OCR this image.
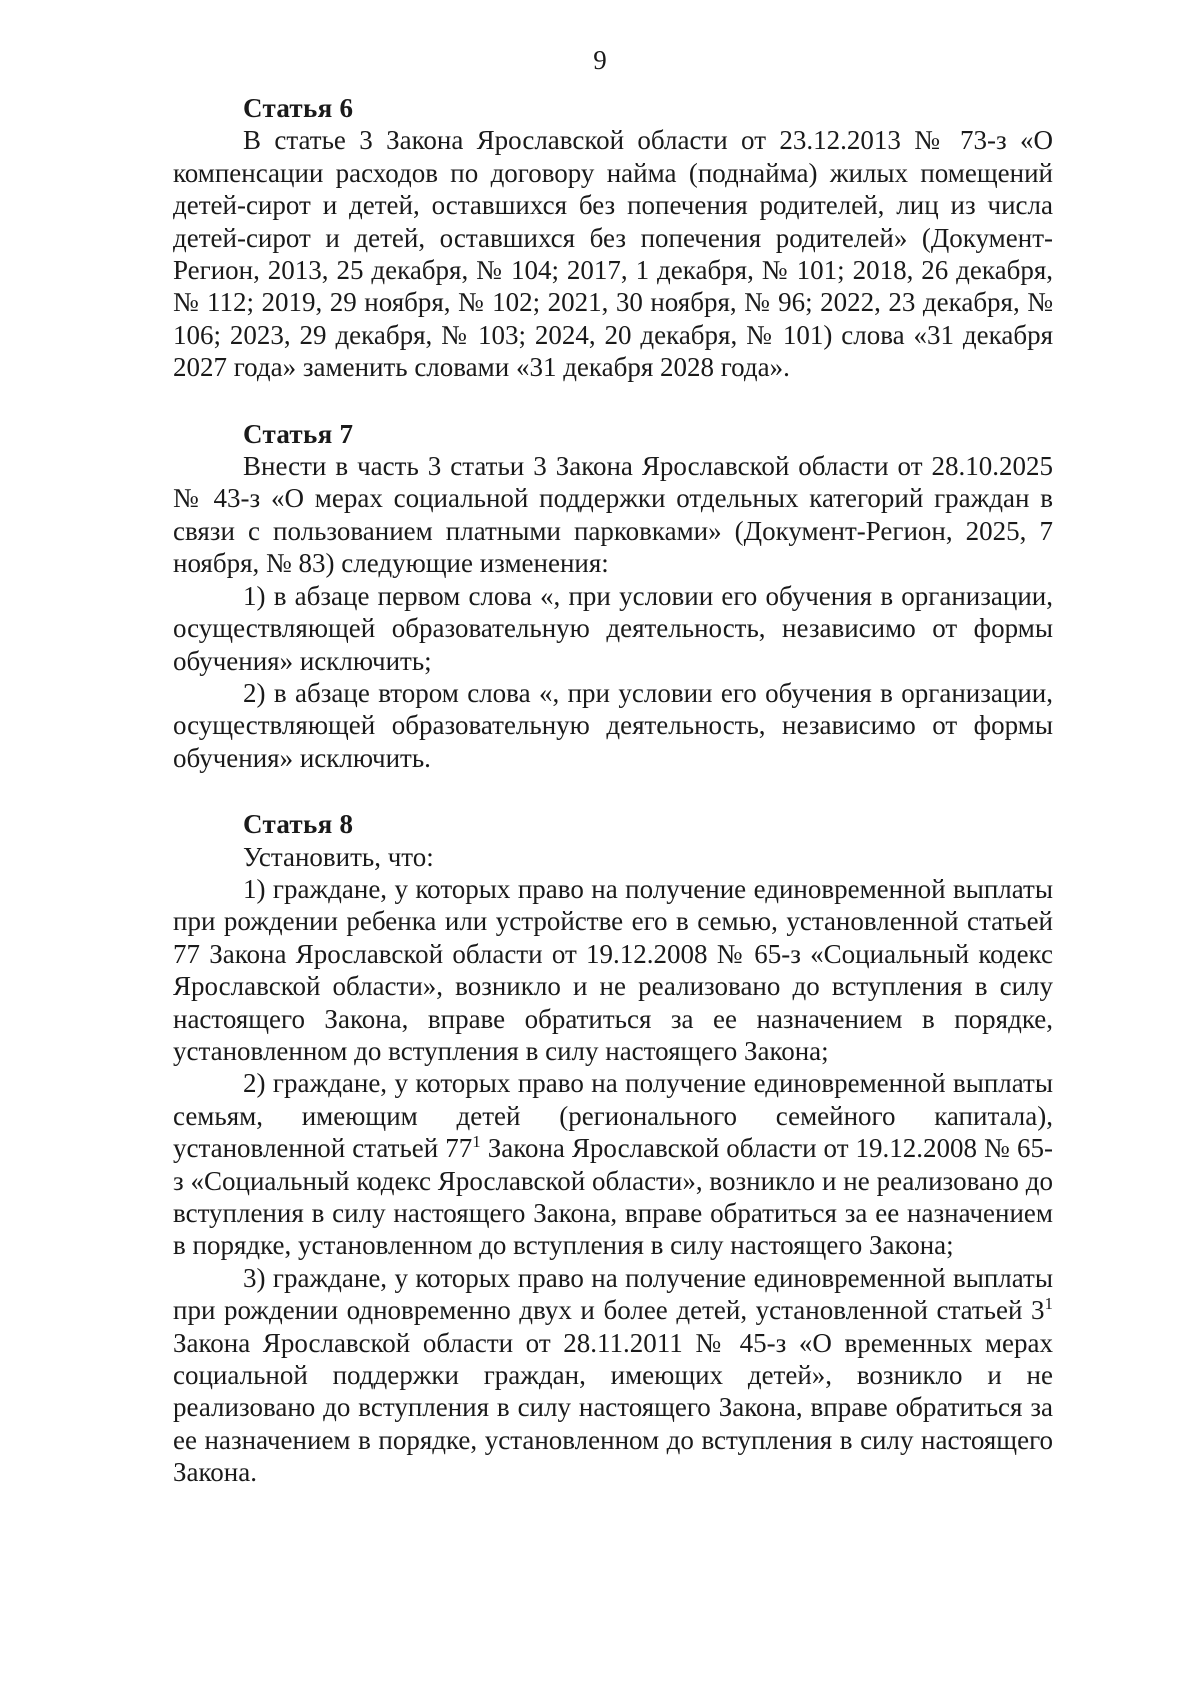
9

Статья 6

В статье 3 Закона Ярославской области от 23.12.2013 № 73-з «О компенсации расходов по договору найма (поднайма) жилых помещений детей-сирот и детей, оставшихся без попечения родителей, лиц из числа детей-сирот и детей, оставшихся без попечения родителей» (Документ-Регион, 2013, 25 декабря, № 104; 2017, 1 декабря, № 101; 2018, 26 декабря, № 112; 2019, 29 ноября, № 102; 2021, 30 ноября, № 96; 2022, 23 декабря, № 106; 2023, 29 декабря, № 103; 2024, 20 декабря, № 101) слова «31 декабря 2027 года» заменить словами «31 декабря 2028 года».

Статья 7

Внести в часть 3 статьи 3 Закона Ярославской области от 28.10.2025 № 43-з «О мерах социальной поддержки отдельных категорий граждан в связи с пользованием платными парковками» (Документ-Регион, 2025, 7 ноября, № 83) следующие изменения:

1) в абзаце первом слова «, при условии его обучения в организации, осуществляющей образовательную деятельность, независимо от формы обучения» исключить;

2) в абзаце втором слова «, при условии его обучения в организации, осуществляющей образовательную деятельность, независимо от формы обучения» исключить.

Статья 8

Установить, что:

1) граждане, у которых право на получение единовременной выплаты при рождении ребенка или устройстве его в семью, установленной статьей 77 Закона Ярославской области от 19.12.2008 № 65-з «Социальный кодекс Ярославской области», возникло и не реализовано до вступления в силу настоящего Закона, вправе обратиться за ее назначением в порядке, установленном до вступления в силу настоящего Закона;

2) граждане, у которых право на получение единовременной выплаты семьям, имеющим детей (регионального семейного капитала), установленной статьей $77^1$ Закона Ярославской области от 19.12.2008 № 65-з «Социальный кодекс Ярославской области», возникло и не реализовано до вступления в силу настоящего Закона, вправе обратиться за ее назначением в порядке, установленном до вступления в силу настоящего Закона;

3) граждане, у которых право на получение единовременной выплаты при рождении одновременно двух и более детей, установленной статьей $3^1$ Закона Ярославской области от 28.11.2011 № 45-з «О временных мерах социальной поддержки граждан, имеющих детей», возникло и не реализовано до вступления в силу настоящего Закона, вправе обратиться за ее назначением в порядке, установленном до вступления в силу настоящего Закона.
